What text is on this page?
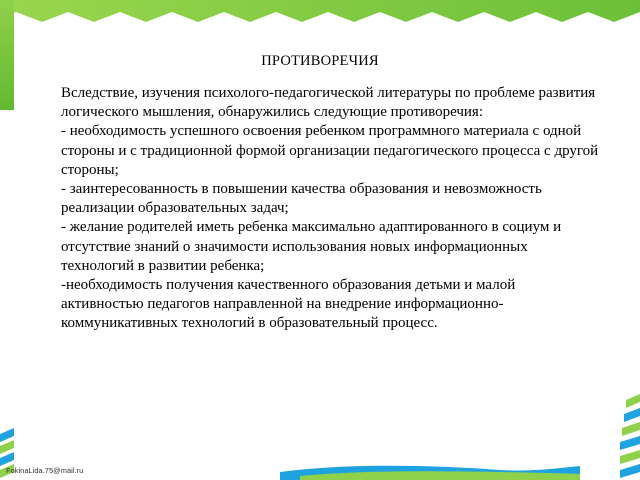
ПРОТИВОРЕЧИЯ

Вследствие, изучения психолого-педагогической литературы по проблеме развития логического мышления, обнаружились следующие противоречия:

- необходимость успешного освоения ребенком программного материала с одной стороны и с традиционной формой организации педагогического процесса с другой стороны;

- заинтересованность в повышении качества образования и невозможность реализации образовательных задач;

- желание родителей иметь ребенка максимально адаптированного в социум и отсутствие знаний о значимости использования новых информационных технологий в развитии ребенка;

-необходимость получения качественного образования детьми и малой активностью педагогов направленной на внедрение информационно-коммуникативных технологий в образовательный процесс.

FokinaLida.75@mail.ru
